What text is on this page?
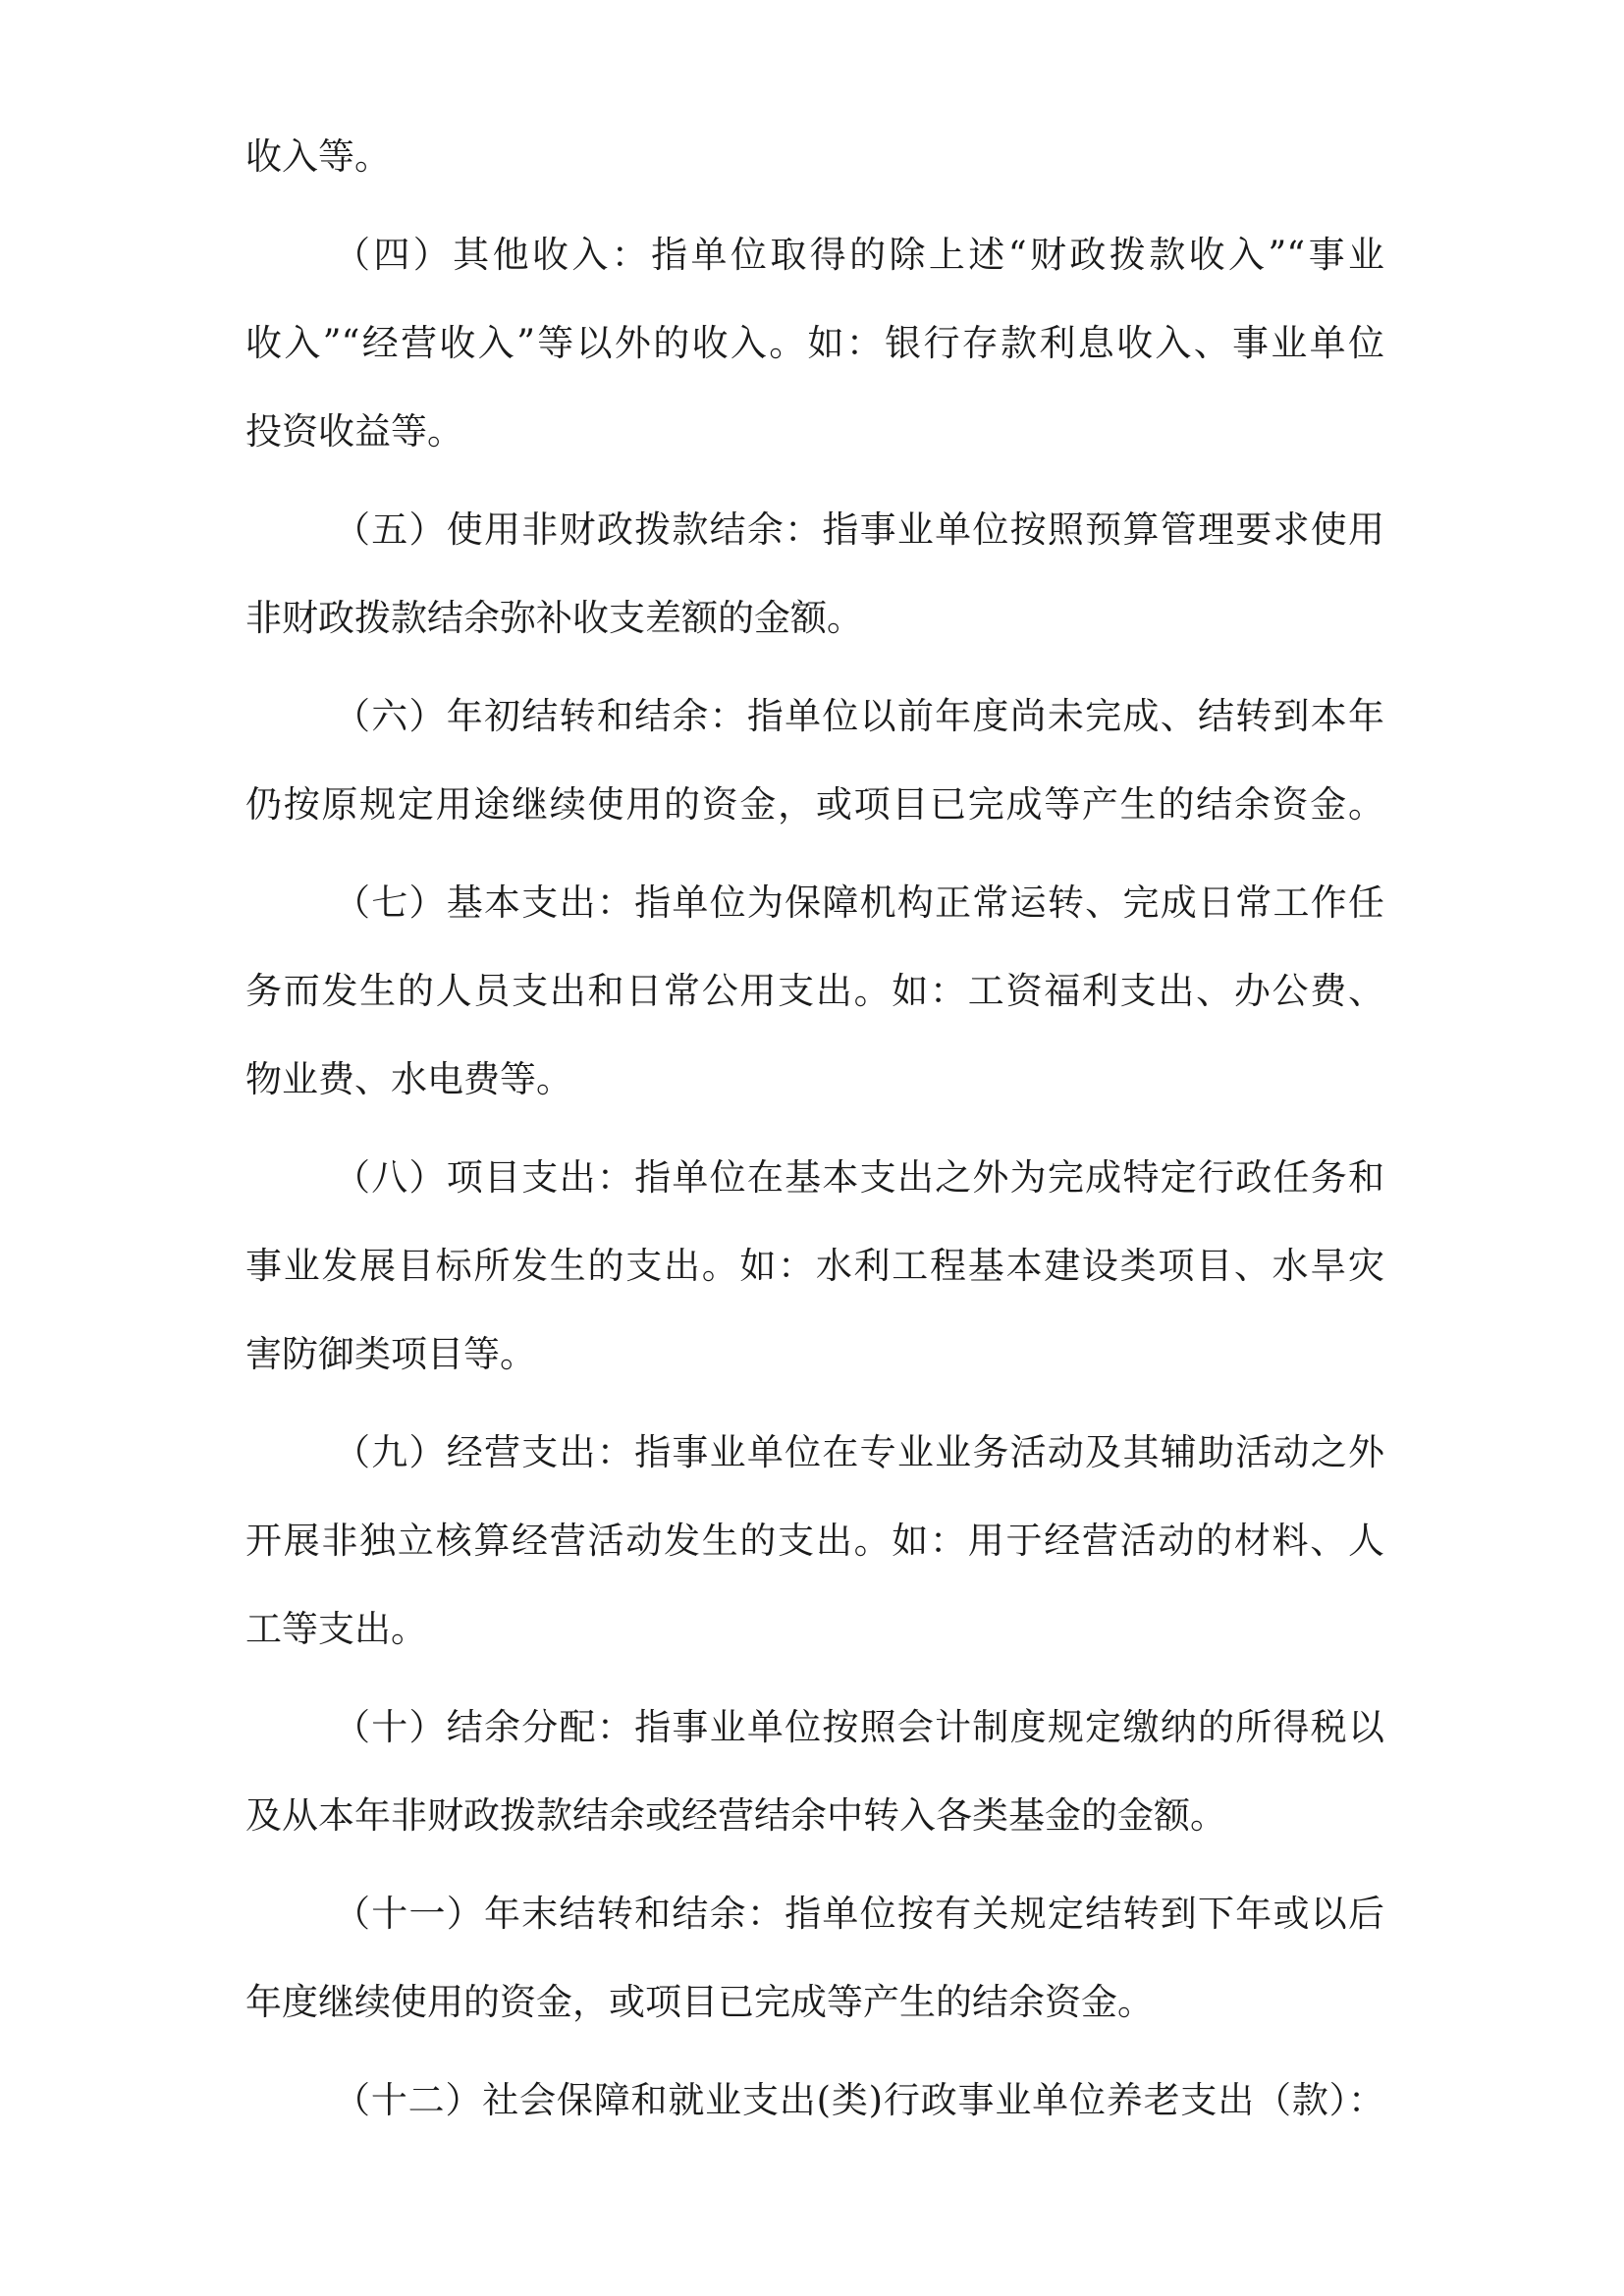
收入等。
（四）其他收入：指单位取得的除上述“财政拨款收入”“事业
收入”“经营收入”等以外的收入。如：银行存款利息收入、事业单位
投资收益等。
（五）使用非财政拨款结余：指事业单位按照预算管理要求使用
非财政拨款结余弥补收支差额的金额。
（六）年初结转和结余：指单位以前年度尚未完成、结转到本年
仍按原规定用途继续使用的资金，或项目已完成等产生的结余资金。
（七）基本支出：指单位为保障机构正常运转、完成日常工作任
务而发生的人员支出和日常公用支出。如：工资福利支出、办公费、
物业费、水电费等。
（八）项目支出：指单位在基本支出之外为完成特定行政任务和
事业发展目标所发生的支出。如：水利工程基本建设类项目、水旱灾
害防御类项目等。
（九）经营支出：指事业单位在专业业务活动及其辅助活动之外
开展非独立核算经营活动发生的支出。如：用于经营活动的材料、人
工等支出。
（十）结余分配：指事业单位按照会计制度规定缴纳的所得税以
及从本年非财政拨款结余或经营结余中转入各类基金的金额。
（十一）年末结转和结余：指单位按有关规定结转到下年或以后
年度继续使用的资金，或项目已完成等产生的结余资金。
（十二）社会保障和就业支出(类)行政事业单位养老支出（款）：
